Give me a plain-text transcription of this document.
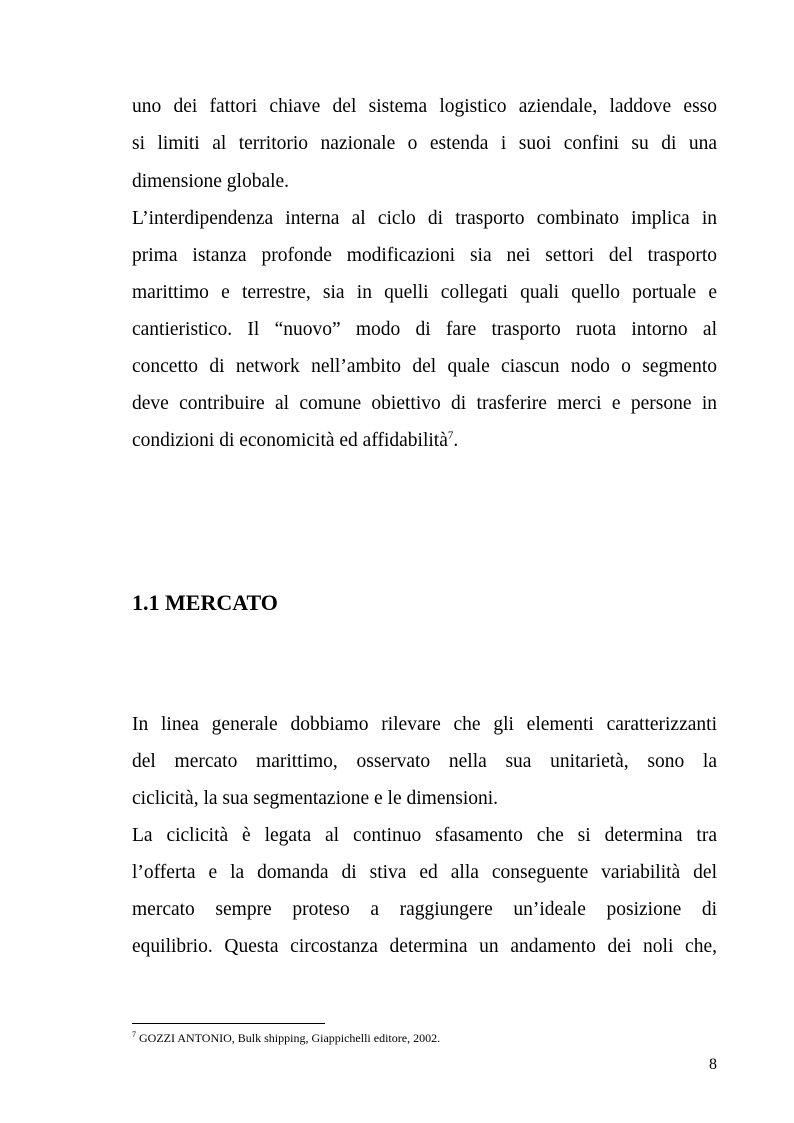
uno dei fattori chiave del sistema logistico aziendale, laddove esso

si limiti al territorio nazionale o estenda i suoi confini su di una

dimensione globale.

L’interdipendenza interna al ciclo di trasporto combinato implica in

prima istanza profonde modificazioni sia nei settori del trasporto

marittimo e terrestre, sia in quelli collegati quali quello portuale e

cantieristico. Il “nuovo” modo di fare trasporto ruota intorno al

concetto di network nell’ambito del quale ciascun nodo o segmento

deve contribuire al comune obiettivo di trasferire merci e persone in

condizioni di economicità ed affidabilità$^7$.

1.1 MERCATO

In linea generale dobbiamo rilevare che gli elementi caratterizzanti

del mercato marittimo, osservato nella sua unitarietà, sono la

ciclicità, la sua segmentazione e le dimensioni.

La ciclicità è legata al continuo sfasamento che si determina tra

l’offerta e la domanda di stiva ed alla conseguente variabilità del

mercato sempre proteso a raggiungere un’ideale posizione di

equilibrio. Questa circostanza determina un andamento dei noli che,

$^7$ GOZZI ANTONIO, Bulk shipping, Giappichelli editore, 2002.

8
